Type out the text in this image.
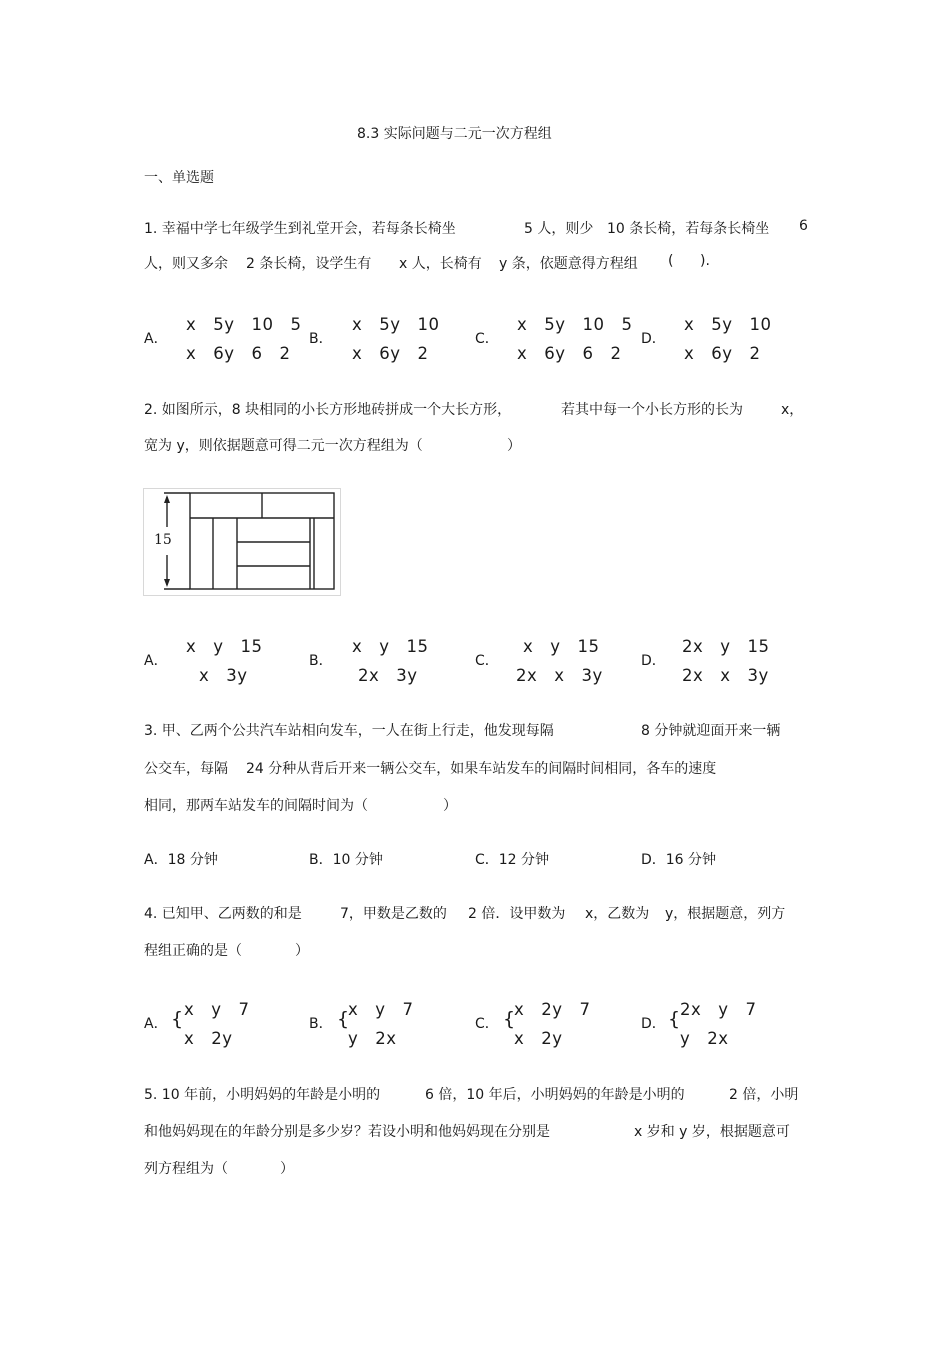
8.3 实际问题与二元一次方程组
一、单选题
1. 幸福中学七年级学生到礼堂开会，若每条长椅坐	5 人，则少 10 条长椅，若每条长椅坐 6
人，则又多余 2 条长椅，设学生有 x 人，长椅有 y 条，依题意得方程组 ( ).
A．
x　5y　10　5
x　6y　6　2
B．
x　5y　10
x　6y　2
C．
x　5y　10　5
x　6y　6　2
D．
x　5y　10
x　6y　2
2. 如图所示，8 块相同的小长方形地砖拼成一个大长方形，	若其中每一个小长方形的长为	x，
宽为 y，则依据题意可得二元一次方程组为（	）
15
A．
x　y　15
x　3y
B．
x　y　15
2x　3y
C．
x　y　15
2x　x　3y
D．
2x　y　15
2x　x　3y
3. 甲、乙两个公共汽车站相向发车，一人在街上行走，他发现每隔	8 分钟就迎面开来一辆
公交车，每隔 24 分种从背后开来一辆公交车，如果车站发车的间隔时间相同，各车的速度
相同，那两车站发车的间隔时间为（	）
A．18 分钟	B．10 分钟	C．12 分钟	D．16 分钟
4. 已知甲、乙两数的和是	7，甲数是乙数的 2 倍．设甲数为 x，乙数为 y，根据题意，列方
程组正确的是（	）
A． { x　y　7
x　2y
B． {
x　y　7
y　2x
C． {
x　2y　7
x　2y
D． { 2x　y　7
y　2x
5. 10 年前，小明妈妈的年龄是小明的	6 倍，10 年后，小明妈妈的年龄是小明的	2 倍，小明
和他妈妈现在的年龄分别是多少岁？若设小明和他妈妈现在分别是	x 岁和 y 岁，根据题意可
列方程组为（	）
